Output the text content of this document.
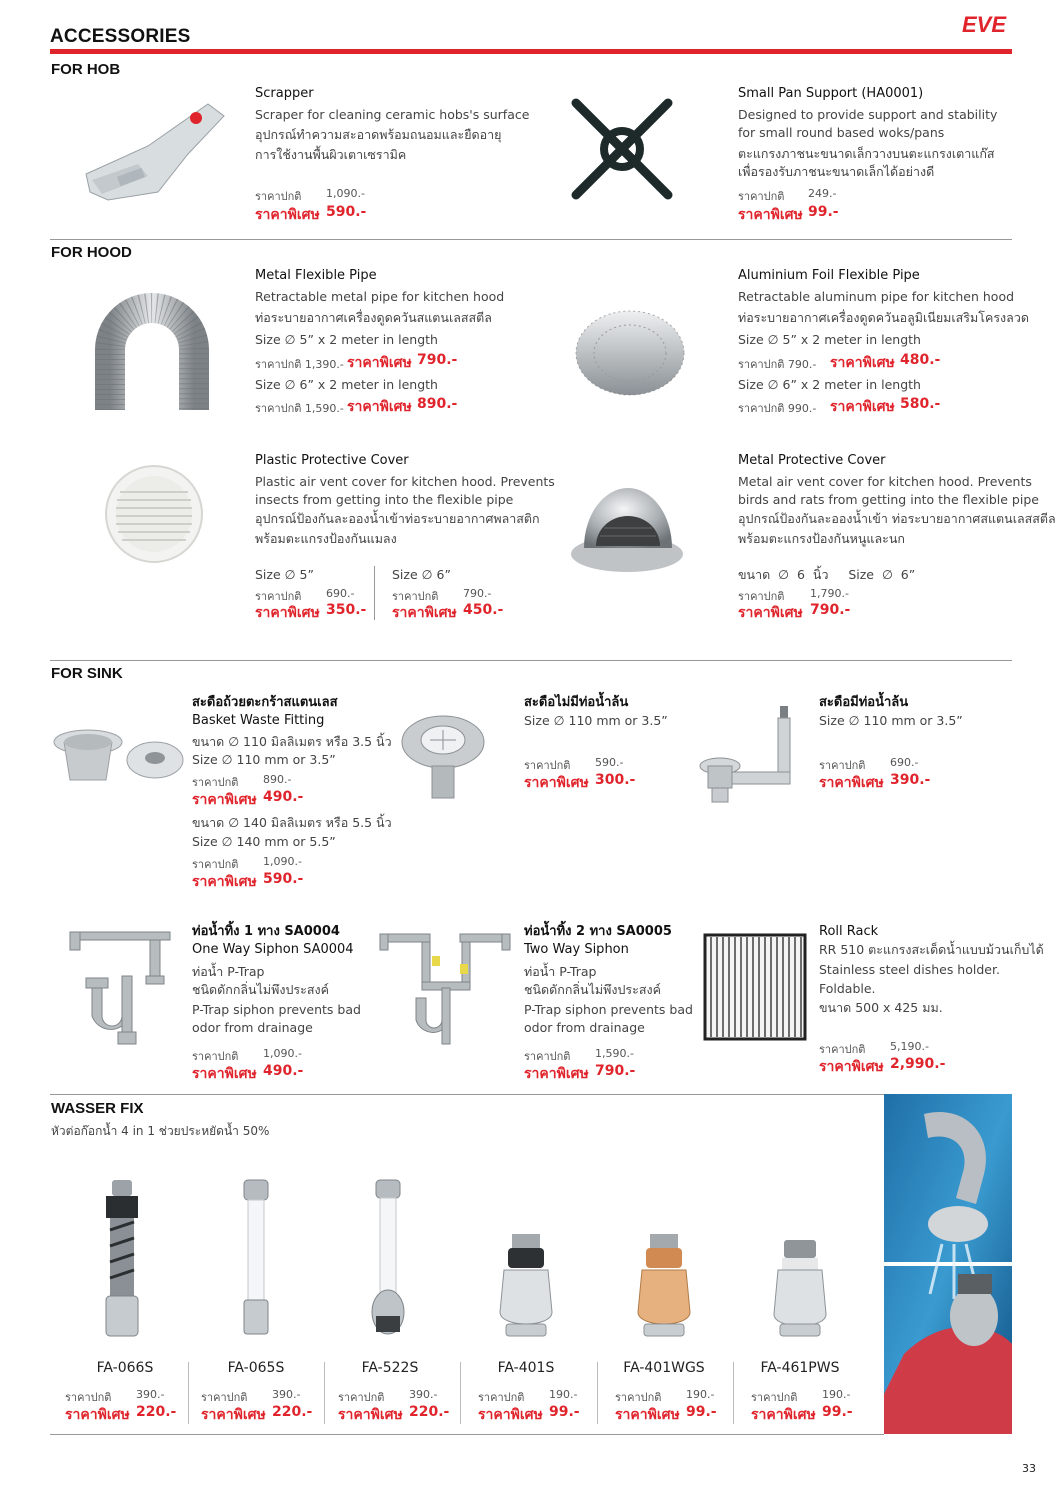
ACCESSORIES	EVE
FOR HOB
Scrapper
Scraper for cleaning ceramic hobs's surface
อุปกรณ์ทำความสะอาดพร้อมถนอมและยืดอายุ
การใช้งานพื้นผิวเตาเซรามิค
ราคาปกติ 1,090.-
ราคาพิเศษ 590.-
Small Pan Support (HA0001)
Designed to provide support and stability
for small round based woks/pans
ตะแกรงภาชนะขนาดเล็กวางบนตะแกรงเตาแก๊ส
เพื่อรองรับภาชนะขนาดเล็กได้อย่างดี
ราคาปกติ 249.-
ราคาพิเศษ 99.-
FOR HOOD
Metal Flexible Pipe
Retractable metal pipe for kitchen hood
ท่อระบายอากาศเครื่องดูดควันสแตนเลสสตีล
Size ∅ 5” x 2 meter in length
ราคาปกติ 1,390.- ราคาพิเศษ 790.-
Size ∅ 6” x 2 meter in length
ราคาปกติ 1,590.- ราคาพิเศษ 890.-
Aluminium Foil Flexible Pipe
Retractable aluminum pipe for kitchen hood
ท่อระบายอากาศเครื่องดูดควันอลูมิเนียมเสริมโครงลวด
Size ∅ 5” x 2 meter in length
ราคาปกติ 790.- ราคาพิเศษ 480.-
Size ∅ 6” x 2 meter in length
ราคาปกติ 990.- ราคาพิเศษ 580.-
Plastic Protective Cover
Plastic air vent cover for kitchen hood. Prevents
insects from getting into the flexible pipe
อุปกรณ์ป้องกันละอองน้ำเข้าท่อระบายอากาศพลาสติก
พร้อมตะแกรงป้องกันแมลง
Size ∅ 5”
ราคาปกติ 690.-
ราคาพิเศษ 350.-
Size ∅ 6”
ราคาปกติ 790.-
ราคาพิเศษ 450.-
Metal Protective Cover
Metal air vent cover for kitchen hood. Prevents
birds and rats from getting into the flexible pipe
อุปกรณ์ป้องกันละอองน้ำเข้า ท่อระบายอากาศสแตนเลสสตีล
พร้อมตะแกรงป้องกันหนูและนก
ขนาด  ∅  6  นิ้ว     Size  ∅  6”
ราคาปกติ 1,790.-
ราคาพิเศษ 790.-
FOR SINK
สะดือถ้วยตะกร้าสแตนเลส
Basket Waste Fitting
ขนาด ∅ 110 มิลลิเมตร หรือ 3.5 นิ้ว
Size ∅ 110 mm or 3.5”
ราคาปกติ 890.-
ราคาพิเศษ 490.-
ขนาด ∅ 140 มิลลิเมตร หรือ 5.5 นิ้ว
Size ∅ 140 mm or 5.5”
ราคาปกติ 1,090.-
ราคาพิเศษ 590.-
สะดือไม่มีท่อน้ำล้น
Size ∅ 110 mm or 3.5”
ราคาปกติ 590.-
ราคาพิเศษ 300.-
สะดือมีท่อน้ำล้น
Size ∅ 110 mm or 3.5”
ราคาปกติ 690.-
ราคาพิเศษ 390.-
ท่อน้ำทิ้ง 1 ทาง SA0004
One Way Siphon SA0004
ท่อน้ำ P-Trap
ชนิดดักกลิ่นไม่พึงประสงค์
P-Trap siphon prevents bad
odor from drainage
ราคาปกติ 1,090.-
ราคาพิเศษ 490.-
ท่อน้ำทิ้ง 2 ทาง SA0005
Two Way Siphon
ท่อน้ำ P-Trap
ชนิดดักกลิ่นไม่พึงประสงค์
P-Trap siphon prevents bad
odor from drainage
ราคาปกติ 1,590.-
ราคาพิเศษ 790.-
Roll Rack
RR 510 ตะแกรงสะเด็ดน้ำแบบม้วนเก็บได้
Stainless steel dishes holder.
Foldable.
ขนาด 500 x 425 มม.
ราคาปกติ 5,190.-
ราคาพิเศษ 2,990.-
WASSER FIX
หัวต่อก๊อกน้ำ 4 in 1 ช่วยประหยัดน้ำ 50%
FA-066S
ราคาปกติ 390.-
ราคาพิเศษ 220.-
FA-065S
ราคาปกติ 390.-
ราคาพิเศษ 220.-
FA-522S
ราคาปกติ 390.-
ราคาพิเศษ 220.-
FA-401S
ราคาปกติ 190.-
ราคาพิเศษ 99.-
FA-401WGS
ราคาปกติ 190.-
ราคาพิเศษ 99.-
FA-461PWS
ราคาปกติ 190.-
ราคาพิเศษ 99.-
33
